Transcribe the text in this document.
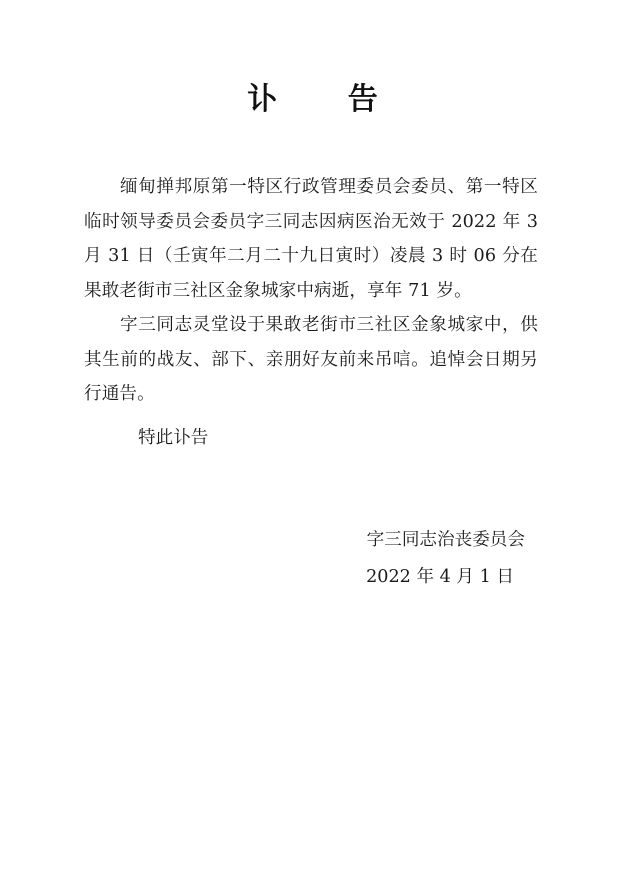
讣 告

缅甸掸邦原第一特区行政管理委员会委员、第一特区临时领导委员会委员字三同志因病医治无效于 2022 年 3 月 31 日（壬寅年二月二十九日寅时）凌晨 3 时 06 分在果敢老街市三社区金象城家中病逝，享年 71 岁。

字三同志灵堂设于果敢老街市三社区金象城家中，供其生前的战友、部下、亲朋好友前来吊唁。追悼会日期另行通告。

特此讣告

字三同志治丧委员会

2022 年 4 月 1 日
